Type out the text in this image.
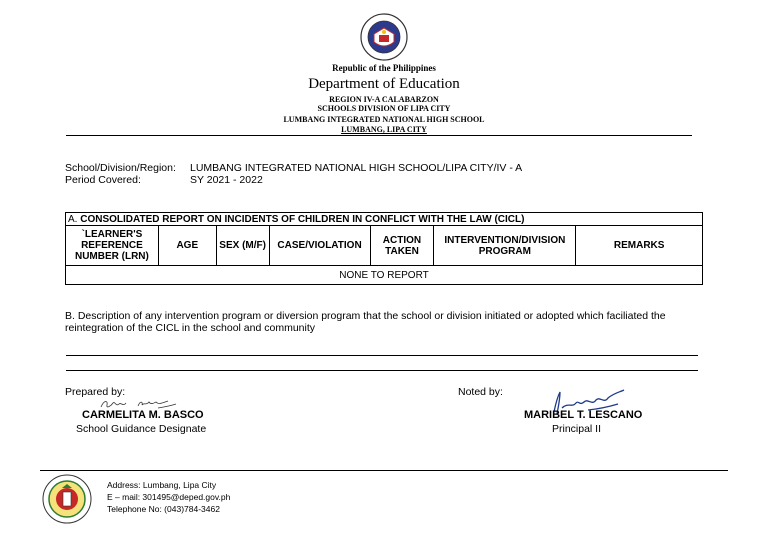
Republic of the Philippines
Department of Education
REGION IV-A CALABARZON
SCHOOLS DIVISION OF LIPA CITY
LUMBANG INTEGRATED NATIONAL HIGH SCHOOL
LUMBANG, LIPA CITY
School/Division/Region: LUMBANG INTEGRATED NATIONAL HIGH SCHOOL/LIPA CITY/IV - A
Period Covered:	SY 2021 - 2022
A. CONSOLIDATED REPORT ON INCIDENTS OF CHILDREN IN CONFLICT WITH THE LAW (CICL)
`LEARNER'S REFERENCE NUMBER (LRN)	AGE	SEX (M/F)	CASE/VIOLATION	ACTION TAKEN	INTERVENTION/DIVISION PROGRAM	REMARKS
NONE TO REPORT
B. Description of any intervention program or diversion program that the school or division initiated or adopted which faciliated the reintegration of the CICL in the school and community
Prepared by:
CARMELITA M. BASCO
School Guidance Designate
Noted by:
MARIBEL T. LESCANO
Principal II
Address: Lumbang, Lipa City
E – mail: 301495@deped.gov.ph
Telephone No: (043)784-3462
